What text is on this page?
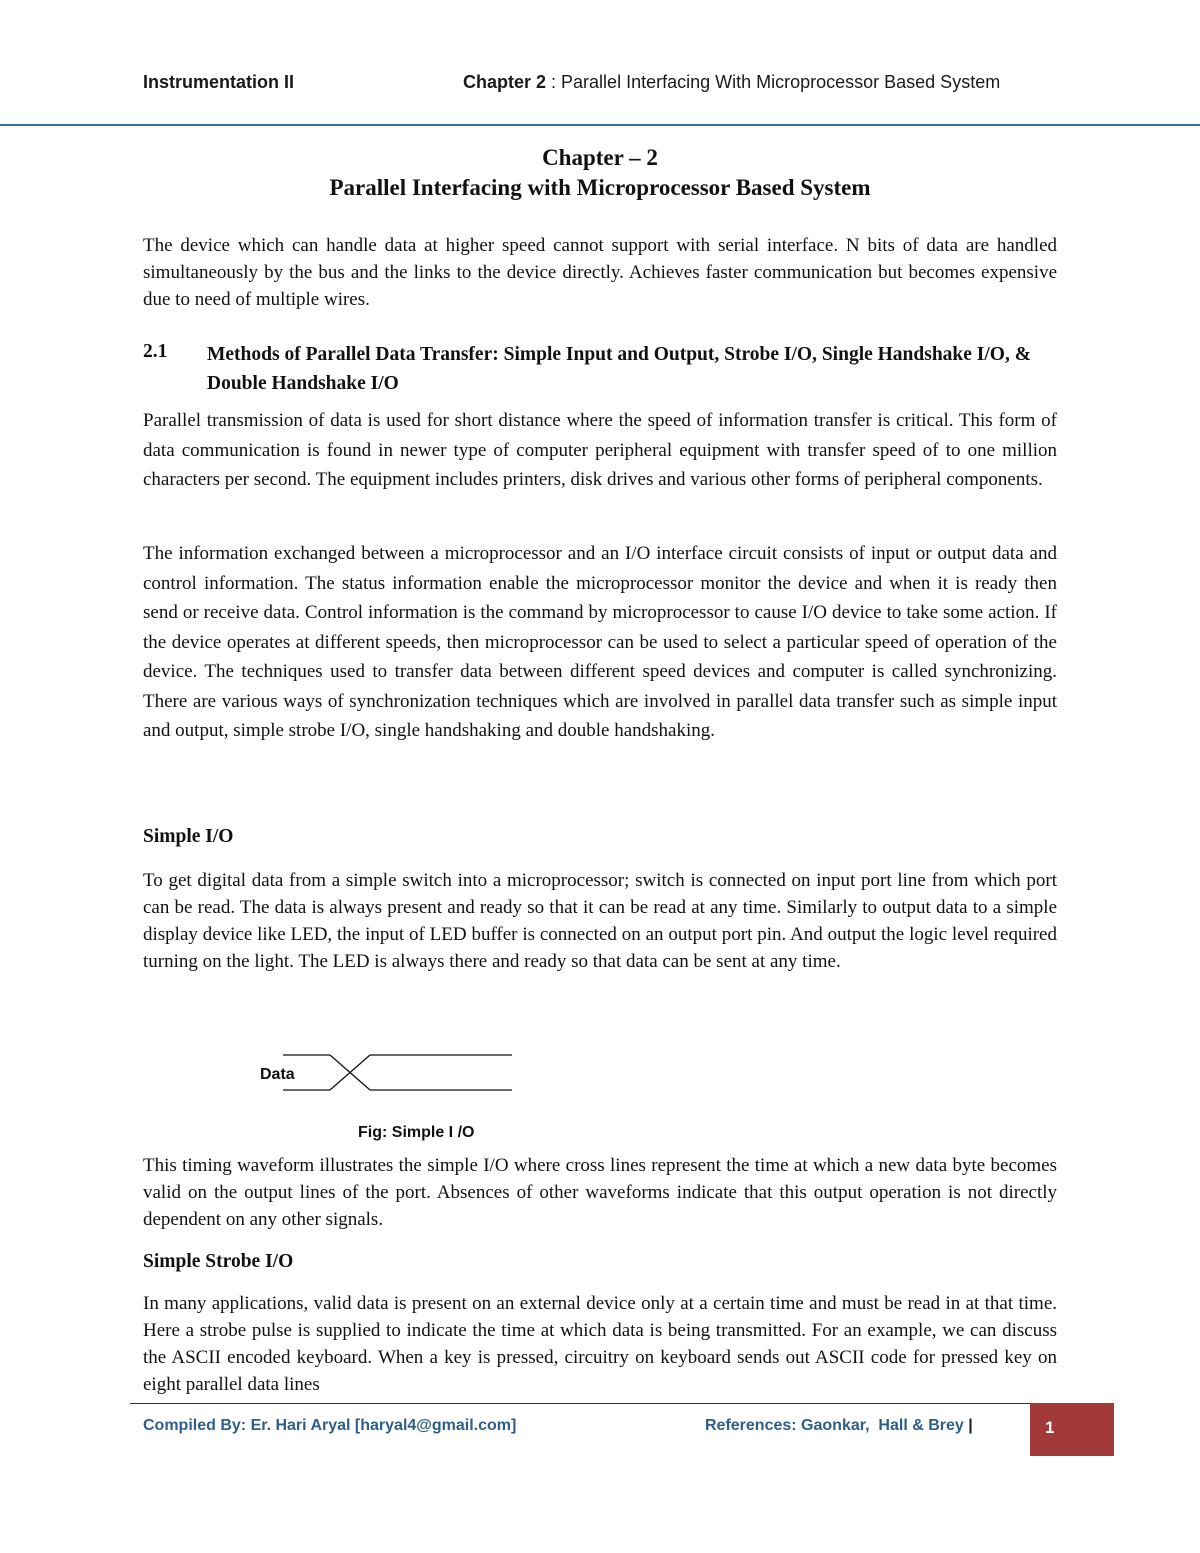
Instrumentation II	Chapter 2 : Parallel Interfacing With Microprocessor Based System
Chapter – 2
Parallel Interfacing with Microprocessor Based System

The device which can handle data at higher speed cannot support with serial interface. N bits of data are handled simultaneously by the bus and the links to the device directly. Achieves faster communication but becomes expensive due to need of multiple wires.

2.1 Methods of Parallel Data Transfer: Simple Input and Output, Strobe I/O, Single Handshake I/O, & Double Handshake I/O

Parallel transmission of data is used for short distance where the speed of information transfer is critical. This form of data communication is found in newer type of computer peripheral equipment with transfer speed of to one million characters per second. The equipment includes printers, disk drives and various other forms of peripheral components.

The information exchanged between a microprocessor and an I/O interface circuit consists of input or output data and control information. The status information enable the microprocessor monitor the device and when it is ready then send or receive data. Control information is the command by microprocessor to cause I/O device to take some action. If the device operates at different speeds, then microprocessor can be used to select a particular speed of operation of the device. The techniques used to transfer data between different speed devices and computer is called synchronizing. There are various ways of synchronization techniques which are involved in parallel data transfer such as simple input and output, simple strobe I/O, single handshaking and double handshaking.

Simple I/O

To get digital data from a simple switch into a microprocessor; switch is connected on input port line from which port can be read. The data is always present and ready so that it can be read at any time. Similarly to output data to a simple display device like LED, the input of LED buffer is connected on an output port pin. And output the logic level required turning on the light. The LED is always there and ready so that data can be sent at any time.

Data
Fig: Simple I /O

This timing waveform illustrates the simple I/O where cross lines represent the time at which a new data byte becomes valid on the output lines of the port. Absences of other waveforms indicate that this output operation is not directly dependent on any other signals.

Simple Strobe I/O

In many applications, valid data is present on an external device only at a certain time and must be read in at that time. Here a strobe pulse is supplied to indicate the time at which data is being transmitted. For an example, we can discuss the ASCII encoded keyboard. When a key is pressed, circuitry on keyboard sends out ASCII code for pressed key on eight parallel data lines

Compiled By: Er. Hari Aryal [haryal4@gmail.com]	References: Gaonkar,  Hall & Brey |	1
